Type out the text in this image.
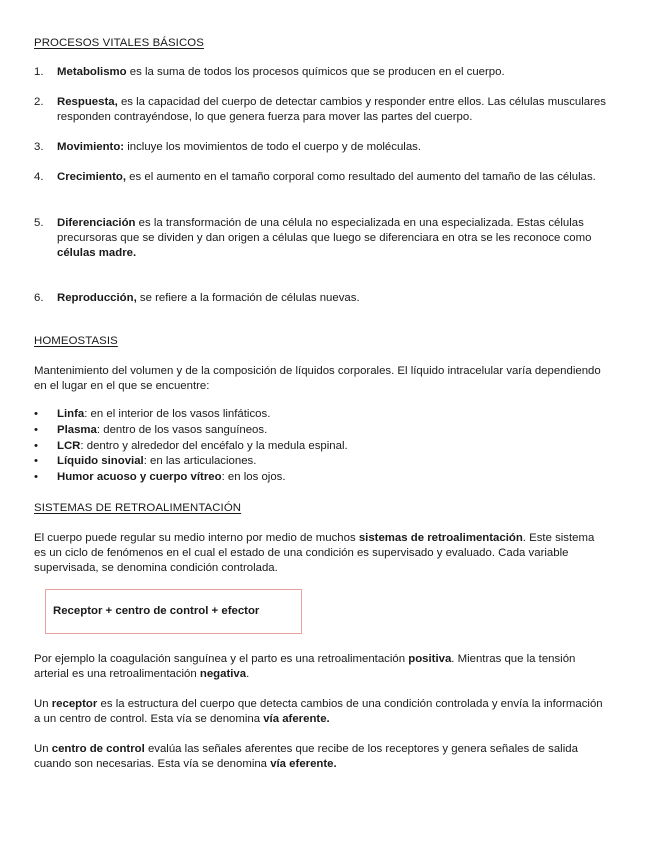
PROCESOS VITALES BÁSICOS
1. Metabolismo es la suma de todos los procesos químicos que se producen en el cuerpo.
2. Respuesta, es la capacidad del cuerpo de detectar cambios y responder entre ellos. Las células musculares responden contrayéndose, lo que genera fuerza para mover las partes del cuerpo.
3. Movimiento: incluye los movimientos de todo el cuerpo y de moléculas.
4. Crecimiento, es el aumento en el tamaño corporal como resultado del aumento del tamaño de las células.
5. Diferenciación es la transformación de una célula no especializada en una especializada. Estas células precursoras que se dividen y dan origen a células que luego se diferenciara en otra se les reconoce como células madre.
6. Reproducción, se refiere a la formación de células nuevas.
HOMEOSTASIS
Mantenimiento del volumen y de la composición de líquidos corporales. El líquido intracelular varía dependiendo en el lugar en el que se encuentre:
• Linfa: en el interior de los vasos linfáticos.
• Plasma: dentro de los vasos sanguíneos.
• LCR: dentro y alrededor del encéfalo y la medula espinal.
• Líquido sinovial: en las articulaciones.
• Humor acuoso y cuerpo vítreo: en los ojos.
SISTEMAS DE RETROALIMENTACIÓN
El cuerpo puede regular su medio interno por medio de muchos sistemas de retroalimentación. Este sistema es un ciclo de fenómenos en el cual el estado de una condición es supervisado y evaluado. Cada variable supervisada, se denomina condición controlada.
Receptor + centro de control + efector
Por ejemplo la coagulación sanguínea y el parto es una retroalimentación positiva. Mientras que la tensión arterial es una retroalimentación negativa.
Un receptor es la estructura del cuerpo que detecta cambios de una condición controlada y envía la información a un centro de control. Esta vía se denomina vía aferente.
Un centro de control evalúa las señales aferentes que recibe de los receptores y genera señales de salida cuando son necesarias. Esta vía se denomina vía eferente.
